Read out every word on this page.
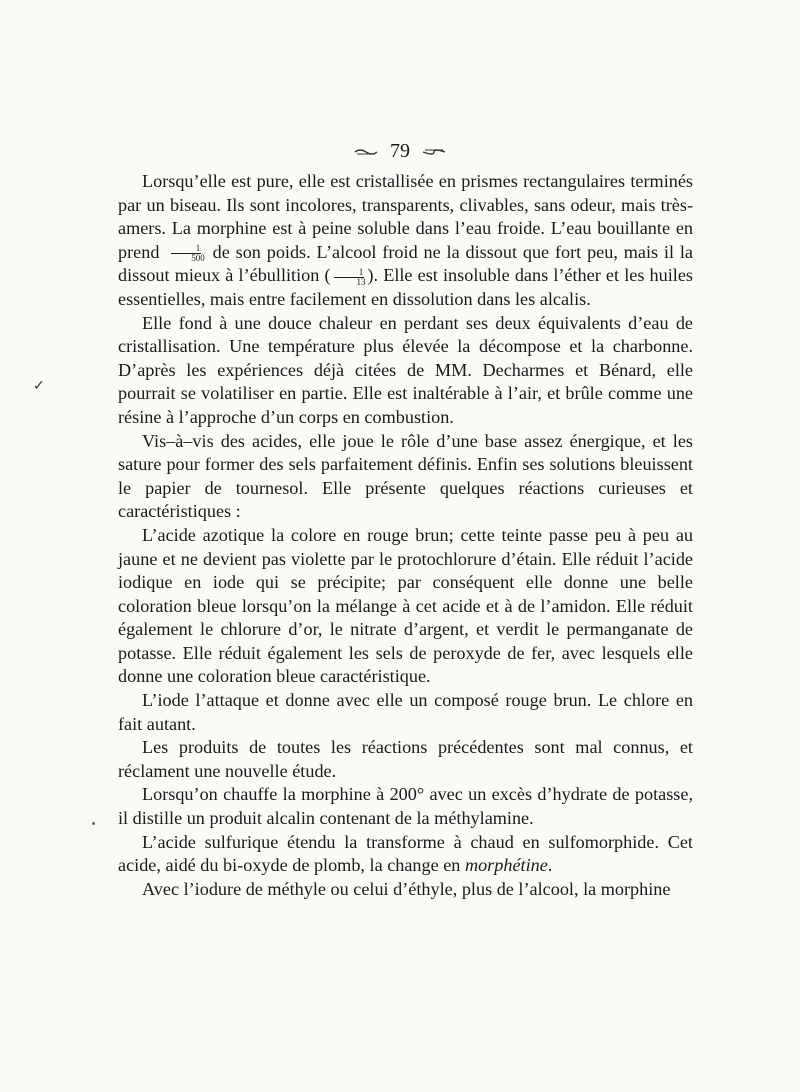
79
✓

Lorsqu’elle est pure, elle est cristallisée en prismes rectangulaires terminés par un biseau. Ils sont incolores, transparents, clivables, sans odeur, mais très-amers. La morphine est à peine soluble dans l’eau froide. L’eau bouillante en prend $\frac{1}{500}$ de son poids. L’alcool froid ne la dissout que fort peu, mais il la dissout mieux à l’ébullition ( $\frac{1}{13}$ ). Elle est insoluble dans l’éther et les huiles essentielles, mais entre facilement en dissolution dans les alcalis.

Elle fond à une douce chaleur en perdant ses deux équivalents d’eau de cristallisation. Une température plus élevée la décompose et la charbonne. D’après les expériences déjà citées de MM. Decharmes et Bénard, elle pourrait se volatiliser en partie. Elle est inaltérable à l’air, et brûle comme une résine à l’approche d’un corps en combustion.

Vis–à–vis des acides, elle joue le rôle d’une base assez énergique, et les sature pour former des sels parfaitement définis. Enfin ses solutions bleuissent le papier de tournesol. Elle présente quelques réactions curieuses et caractéristiques :

L’acide azotique la colore en rouge brun; cette teinte passe peu à peu au jaune et ne devient pas violette par le protochlorure d’étain. Elle réduit l’acide iodique en iode qui se précipite; par conséquent elle donne une belle coloration bleue lorsqu’on la mélange à cet acide et à de l’amidon. Elle réduit également le chlorure d’or, le nitrate d’argent, et verdit le permanganate de potasse. Elle réduit également les sels de peroxyde de fer, avec lesquels elle donne une coloration bleue caractéristique.

L’iode l’attaque et donne avec elle un composé rouge brun. Le chlore en fait autant.

Les produits de toutes les réactions précédentes sont mal connus, et réclament une nouvelle étude.

Lorsqu’on chauffe la morphine à 200° avec un excès d’hydrate de potasse, il distille un produit alcalin contenant de la méthylamine.

L’acide sulfurique étendu la transforme à chaud en sulfomorphide. Cet acide, aidé du bi-oxyde de plomb, la change en morphétine.

Avec l’iodure de méthyle ou celui d’éthyle, plus de l’alcool, la morphine
